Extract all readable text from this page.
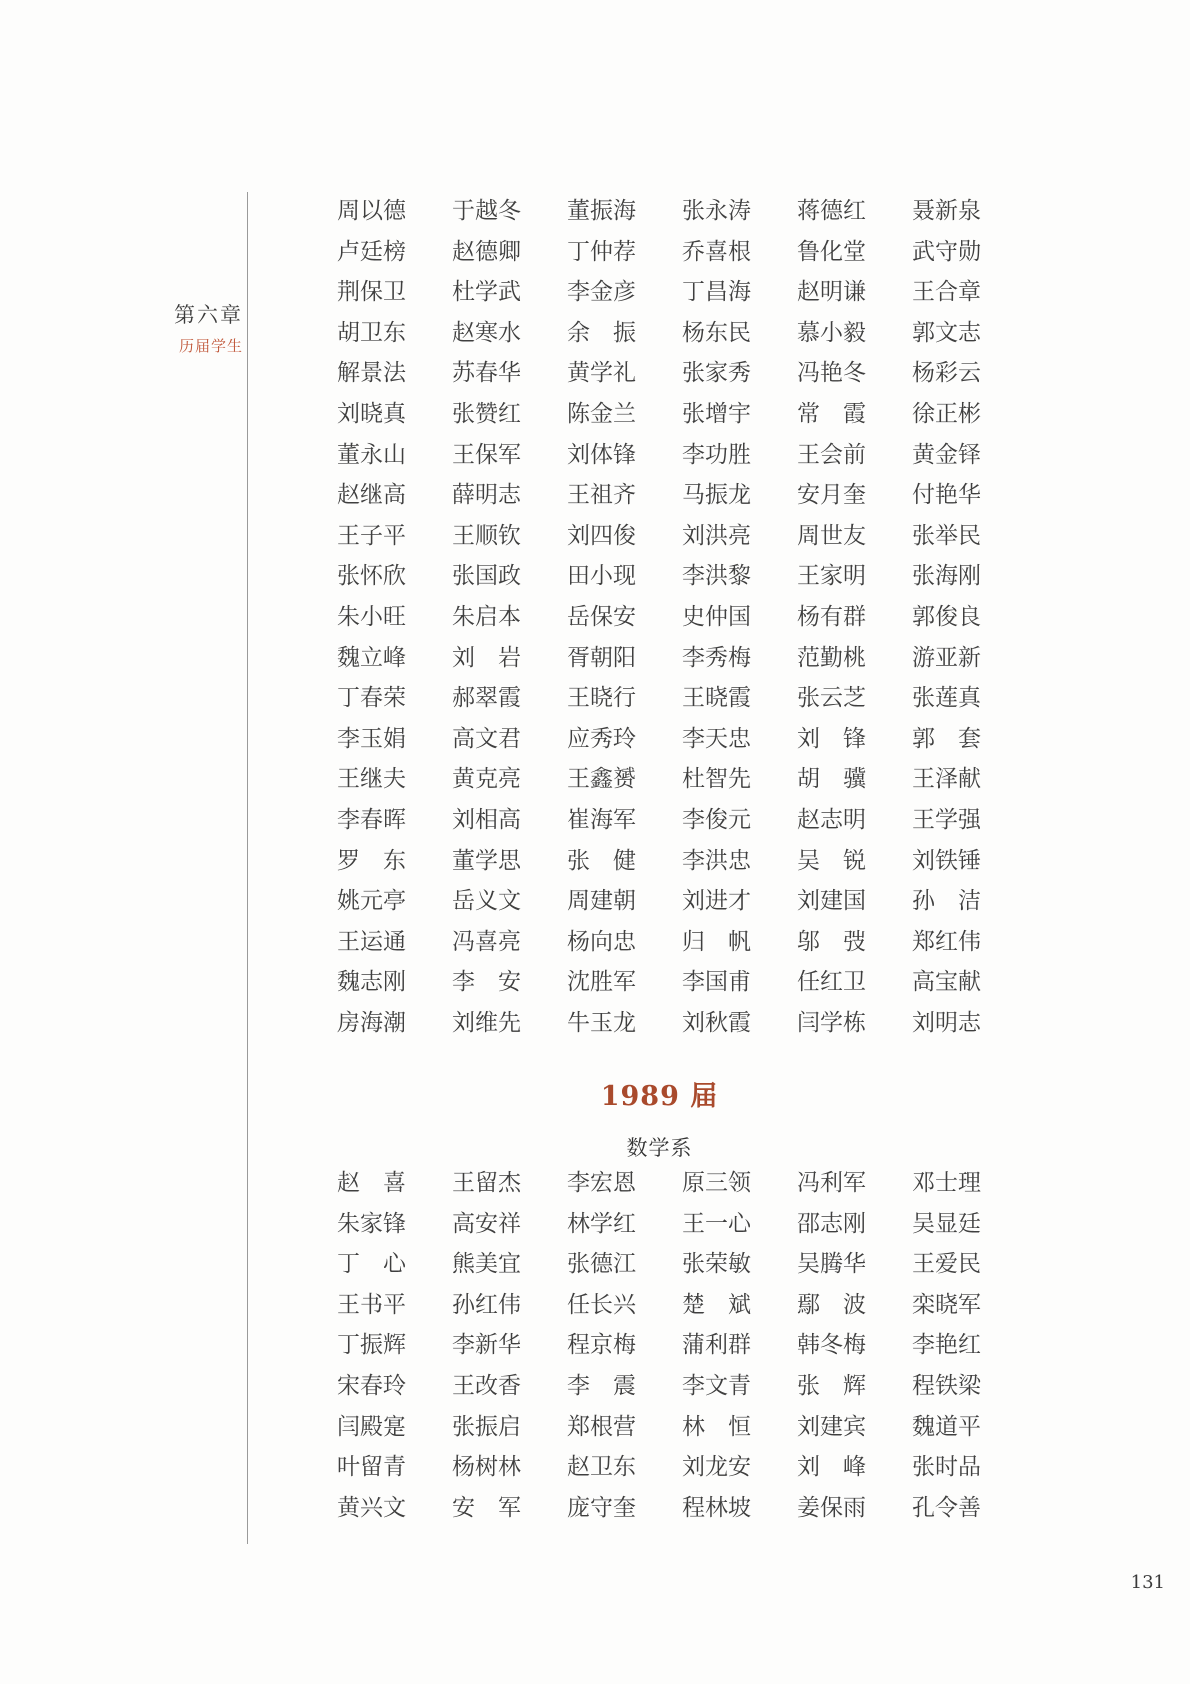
第六章
历届学生
周以德 于越冬 董振海 张永涛 蒋德红 聂新泉
卢廷榜 赵德卿 丁仲荐 乔喜根 鲁化堂 武守勋
荆保卫 杜学武 李金彦 丁昌海 赵明谦 王合章
胡卫东 赵寒水 余　振 杨东民 慕小毅 郭文志
解景法 苏春华 黄学礼 张家秀 冯艳冬 杨彩云
刘晓真 张赞红 陈金兰 张增宇 常　霞 徐正彬
董永山 王保军 刘体锋 李功胜 王会前 黄金铎
赵继高 薛明志 王祖齐 马振龙 安月奎 付艳华
王子平 王顺钦 刘四俊 刘洪亮 周世友 张举民
张怀欣 张国政 田小现 李洪黎 王家明 张海刚
朱小旺 朱启本 岳保安 史仲国 杨有群 郭俊良
魏立峰 刘　岩 胥朝阳 李秀梅 范勤桃 游亚新
丁春荣 郝翠霞 王晓行 王晓霞 张云芝 张莲真
李玉娟 高文君 应秀玲 李天忠 刘　锋 郭　套
王继夫 黄克亮 王鑫赟 杜智先 胡　骥 王泽献
李春晖 刘相高 崔海军 李俊元 赵志明 王学强
罗　东 董学思 张　健 李洪忠 吴　锐 刘铁锤
姚元亭 岳义文 周建朝 刘进才 刘建国 孙　洁
王运通 冯喜亮 杨向忠 归　帆 邬　弢 郑红伟
魏志刚 李　安 沈胜军 李国甫 任红卫 高宝献
房海潮 刘维先 牛玉龙 刘秋霞 闫学栋 刘明志
1989 届
数学系
赵　喜 王留杰 李宏恩 原三领 冯利军 邓士理
朱家锋 高安祥 林学红 王一心 邵志刚 吴显廷
丁　心 熊美宜 张德江 张荣敏 吴腾华 王爱民
王书平 孙红伟 任长兴 楚　斌 鄢　波 栾晓军
丁振辉 李新华 程京梅 蒲利群 韩冬梅 李艳红
宋春玲 王改香 李　震 李文青 张　辉 程铁梁
闫殿寔 张振启 郑根营 林　恒 刘建宾 魏道平
叶留青 杨树林 赵卫东 刘龙安 刘　峰 张时品
黄兴文 安　军 庞守奎 程林坡 姜保雨 孔令善
131
